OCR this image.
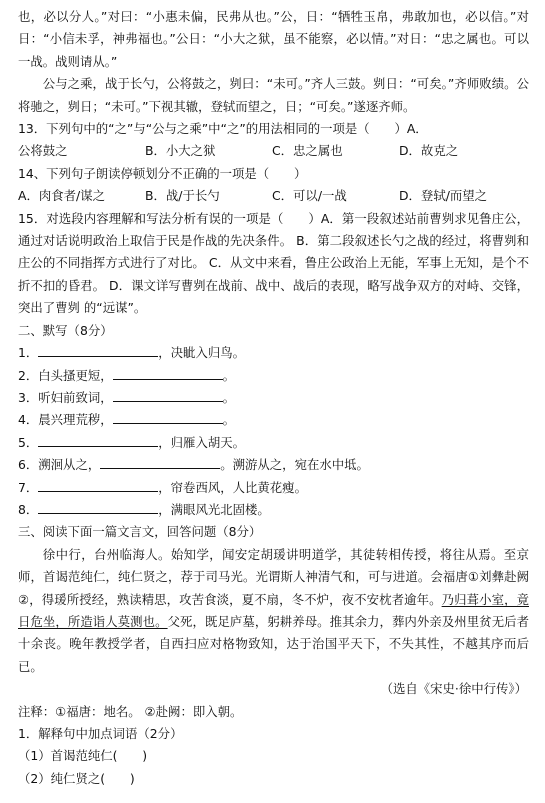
也，必以分人。”对曰：“小惠未偏，民弗从也。”公，日：“牺牲玉帛，弗敢加也，必以信。”对日：“小信未孚，神弗福也。”公日：“小大之狱，虽不能察，必以情。”对日：“忠之属也。可以一战。战则请从。”

公与之乘，战于长勺，公将鼓之，刿曰：“未可。”齐人三鼓。刿日：“可矣。”齐师败绩。公将驰之，刿日；“未可。”下视其辙，登轼而望之，日；“可矣。”遂逐齐师。

13．下列句中的“之”与“公与之乘”中“之”的用法相同的一项是（　　）A．

公将鼓之	B．小大之狱	C．忠之属也	D．故克之

14、下列句子朗读停顿划分不正确的一项是（　　）

A．肉食者/谋之	B．战/于长勺	C．可以/一战	D．登轼/而望之

15．对选段内容理解和写法分析有误的一项是（　　）A．第一段叙述站前曹刿求见鲁庄公，通过对话说明政治上取信于民是作战的先决条件。 B．第二段叙述长勺之战的经过，将曹刿和庄公的不同指挥方式进行了对比。 C．从文中来看，鲁庄公政治上无能，军事上无知，是个不折不扣的昏君。 D．课文详写曹刿在战前、战中、战后的表现，略写战争双方的对峙、交锋，突出了曹刿 的“远谋”。

二、默写（8分）

1．	，决眦入归鸟。

2．白头搔更短，	。

3．听妇前致词，	。

4．晨兴理荒秽，	。

5．	，归雁入胡天。

6．溯洄从之，	。溯游从之，宛在水中坻。

7．	，帘卷西风，人比黄花瘦。

8．	，满眼风光北固楼。

三、阅读下面一篇文言文，回答问题（8分）

徐中行，台州临海人。始知学，闻安定胡瑗讲明道学，其徒转相传授，将往从焉。至京师，首谒范纯仁，纯仁贤之，荐于司马光。光谓斯人神清气和，可与进道。会福唐①刘彝赴阙②，得瑗所授经，熟读精思，攻苦食淡，夏不扇，冬不炉，夜不安枕者逾年。乃归葺小室，竟日危坐，所造诣人莫测也。父死，既足庐墓，躬耕养母。推其余力，葬内外亲及州里贫无后者十余丧。晚年教授学者，自西扫应对格物致知，达于治国平天下，不失其性，不越其序而后已。

（选自《宋史·徐中行传》）

注释：①福唐：地名。 ②赴阙：即入朝。

1．解释句中加点词语（2分）

（1）首谒范纯仁(　　)

（2）纯仁贤之(　　)
